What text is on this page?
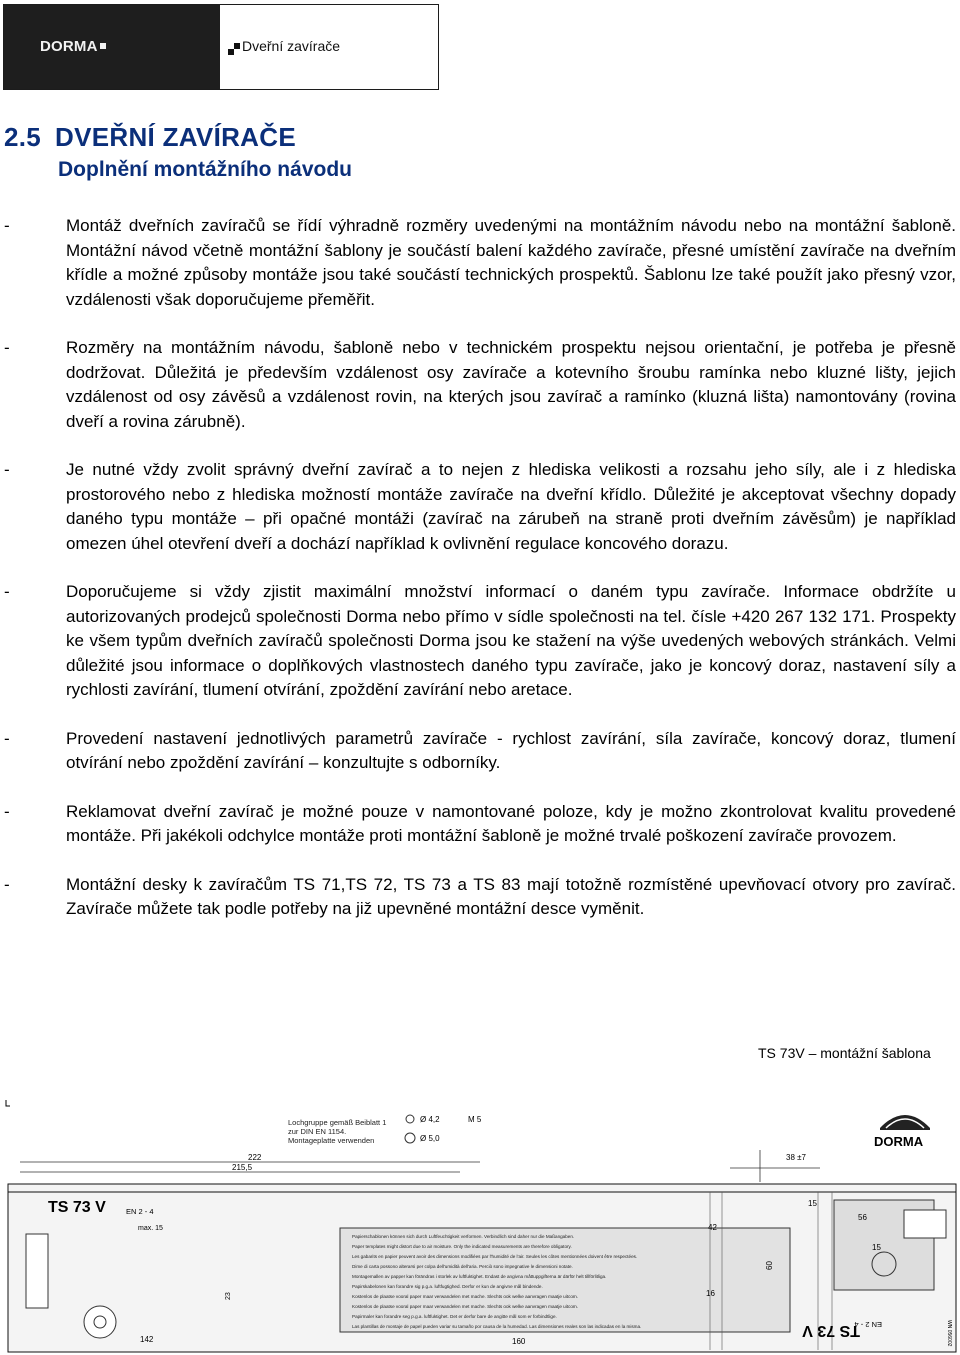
DORMA	Dveřní zavírače
2.5 DVEŘNÍ ZAVÍRAČE
Doplnění montážního návodu
-	Montáž dveřních zavíračů se řídí výhradně rozměry uvedenými na montážním návodu nebo na montážní šabloně. Montážní návod včetně montážní šablony je součástí balení každého zavírače, přesné umístění zavírače na dveřním křídle a možné způsoby montáže jsou také součástí technických prospektů. Šablonu lze také použít jako přesný vzor, vzdálenosti však doporučujeme přeměřit.
-	Rozměry na montážním návodu, šabloně nebo v technickém prospektu nejsou orientační, je potřeba je přesně dodržovat. Důležitá je především vzdálenost osy zavírače a kotevního šroubu ramínka nebo kluzné lišty, jejich vzdálenost od osy závěsů a vzdálenost rovin, na kterých jsou zavírač a ramínko (kluzná lišta) namontovány (rovina dveří a rovina zárubně).
-	Je nutné vždy zvolit správný dveřní zavírač a to nejen z hlediska velikosti a rozsahu jeho síly, ale i z hlediska prostorového nebo z hlediska možností montáže zavírače na dveřní křídlo. Důležité je akceptovat všechny dopady daného typu montáže – při opačné montáži (zavírač na zárubeň na straně proti dveřním závěsům) je například omezen úhel otevření dveří a dochází například k ovlivnění regulace koncového dorazu.
-	Doporučujeme si vždy zjistit maximální množství informací o daném typu zavírače. Informace obdržíte u autorizovaných prodejců společnosti Dorma nebo přímo v sídle společnosti na tel. čísle +420 267 132 171. Prospekty ke všem typům dveřních zavíračů společnosti Dorma jsou ke stažení na výše uvedených webových stránkách. Velmi důležité jsou informace o doplňkových vlastnostech daného typu zavírače, jako je koncový doraz, nastavení síly a rychlosti zavírání, tlumení otvírání, zpoždění zavírání nebo aretace.
-	Provedení nastavení jednotlivých parametrů zavírače - rychlost zavírání, síla zavírače, koncový doraz, tlumení otvírání nebo zpoždění zavírání – konzultujte s odborníky.
-	Reklamovat dveřní zavírač je možné pouze v namontované poloze, kdy je možno zkontrolovat kvalitu provedené montáže. Při jakékoli odchylce montáže proti montážní šabloně je možné trvalé poškození zavírače provozem.
-	Montážní desky k zavíračům TS 71,TS 72, TS 73 a TS 83 mají totožně rozmístěné upevňovací otvory pro zavírač. Zavírače můžete tak podle potřeby na již upevněné montážní desce vyměnit.
TS 73V – montážní šablona
Lochgruppe gemäß Beiblatt 1
zur DIN EN 1154.
Montageplatte verwenden
Ø 4,2	M 5
Ø 5,0	DORMA
222
215,5
38 ±7
TS 73 V	EN 2 - 4
max. 15
23
42
15
56
16
60
15
142	160
Papierschablonen können sich durch Luftfeuchtigkeit verformen. Verbindlich sind daher nur die Maßangaben.
Paper templates might distort due to air moisture. Only the indicated measurements are therefore obligatory.
Les gabarits en papier peuvent avoir des dimensions modifiées par l'humidité de l'air. Seules les côtes mentionnées doivent être respectées.
Dime di carta possono alterarsi per colpa dell'umidità dell'aria. Perciò sono impegnative le dimensioni notate.
Montagemallen av papper kan förändras i storlek av luftfuktighet. Endast de angivna måttuppgifterna är därför helt tillförlitliga.
Papirskabelonen kan forandre sig p.g.a. luftfugtighed. Derfor er kun de angivne mål bindende.
Kostenlos de plaatse vooral paper maar verwandelen met mache. Slechts ook welke aanvragen maatje uitcom.
Kostenlos de plaatse vooral paper maar verwandelen met mache. Slechts ook welke aanvragen maatje uitcom.
Papirmaler kan forandre seg p.g.a. luftfuktighet. Det er derfor bare de angitte mål som er forbindtlige.
Las plantillas de montaje de papel pueden variar su tamaño por causa de la humedad. Las dimensiones reales son las indicadas en la misma.	TS 73 V
EN 2 - 4	WN 056002
